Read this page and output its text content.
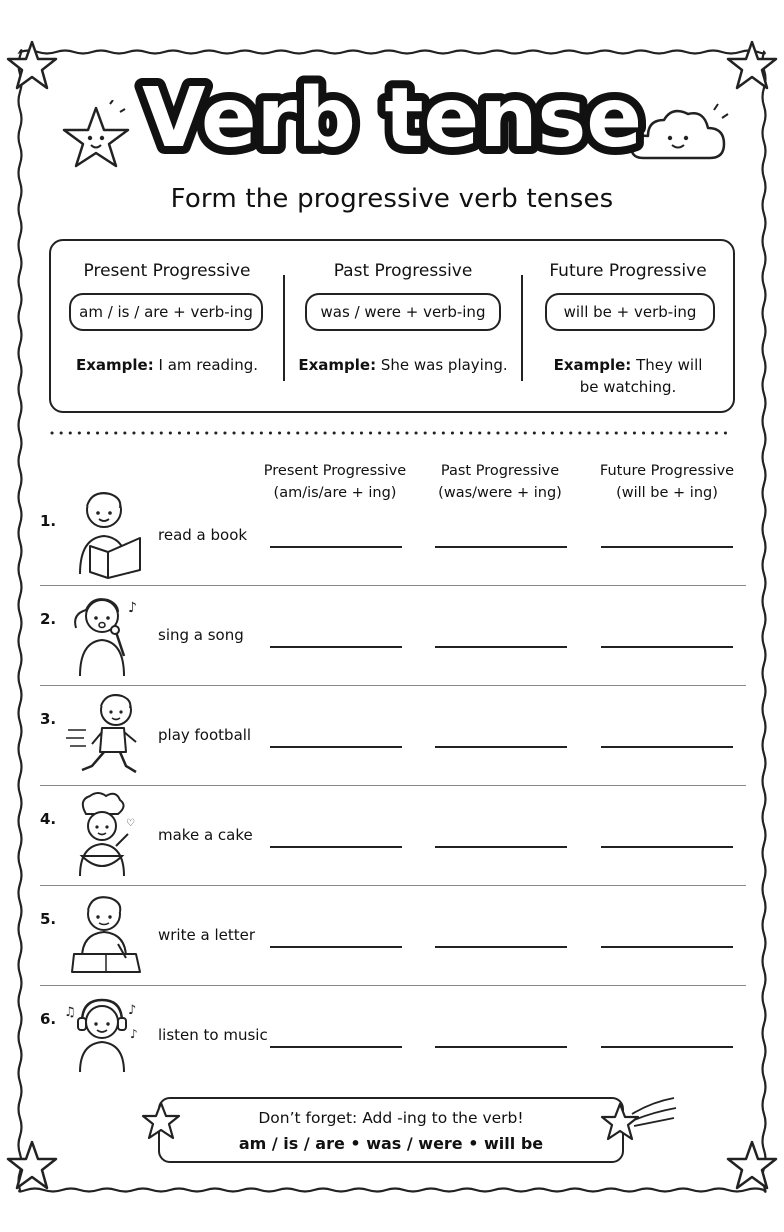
Verb tense
Form the progressive verb tenses
Present Progressive
am / is / are + verb-ing
Example: I am reading.
Past Progressive
was / were + verb-ing
Example: She was playing.
Future Progressive
will be + verb-ing
Example: They will be watching.
Present Progressive
(am/is/are + ing)
Past Progressive
(was/were + ing)
Future Progressive
(will be + ing)
1.
read a book
2.
♪
sing a song
3.
play football
4.	♡
make a cake
5.
write a letter
6. ♫	♪
♪ listen to music
Don’t forget: Add -ing to the verb!
am / is / are • was / were • will be
